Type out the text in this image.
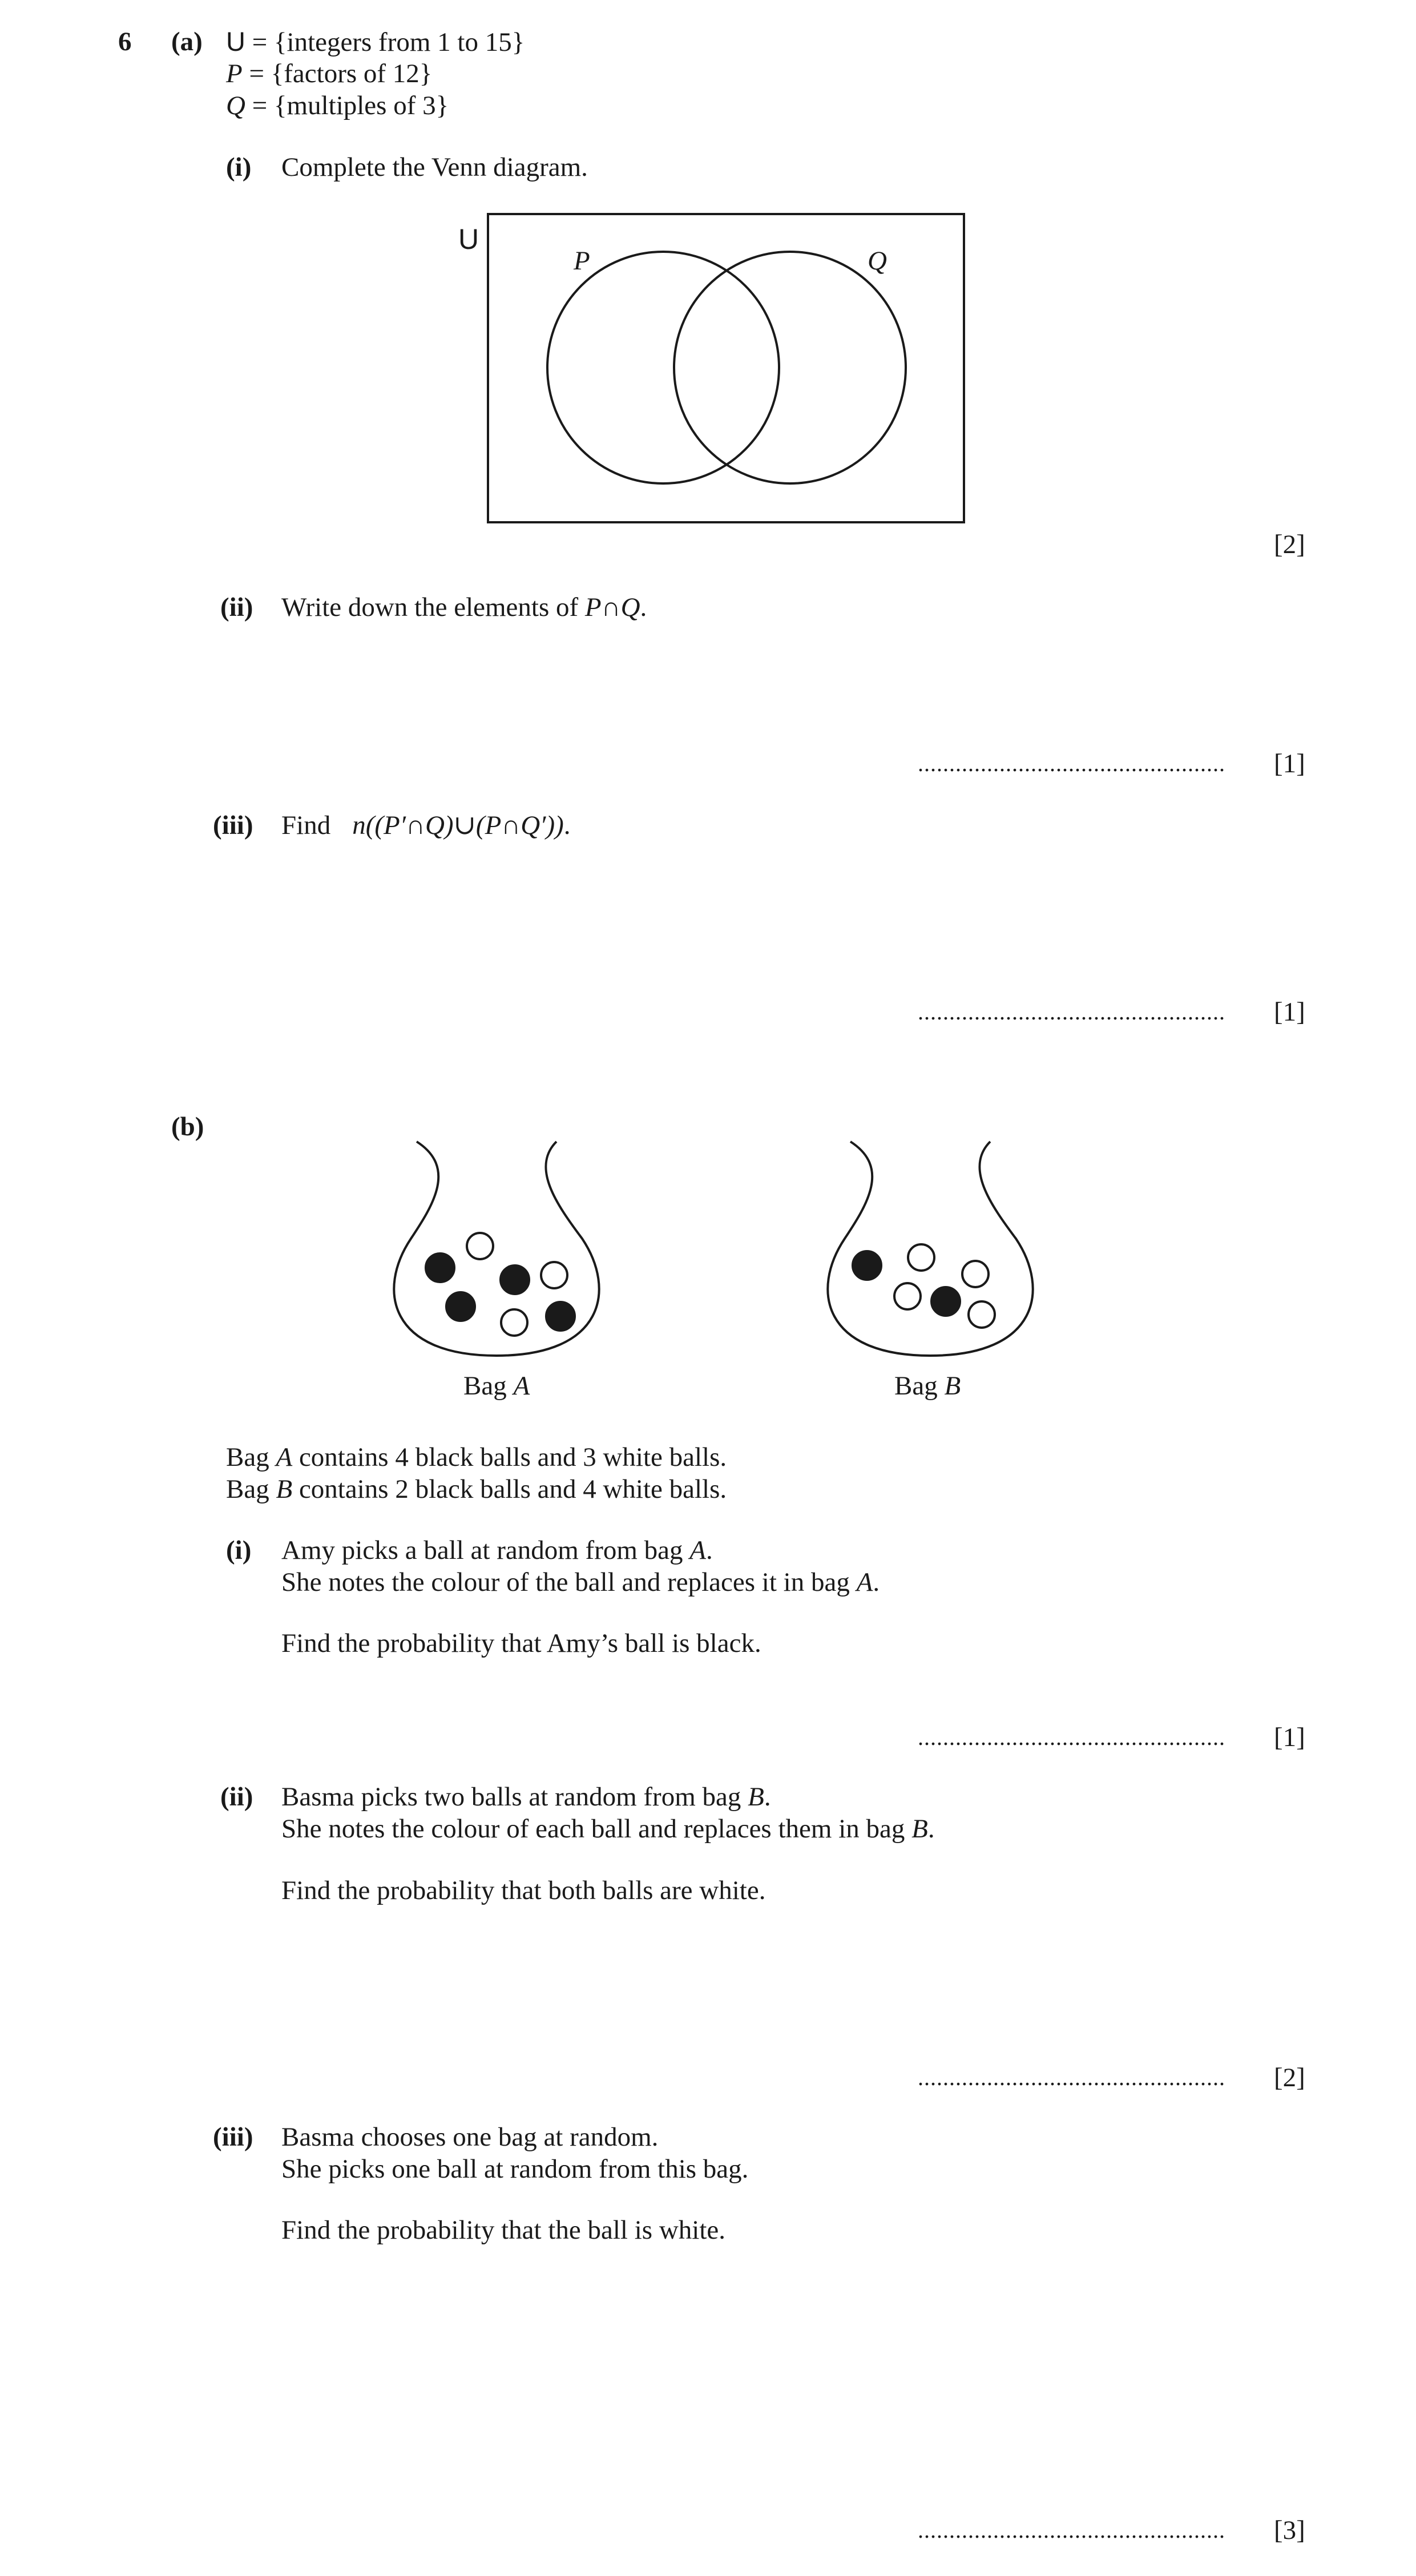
6 (a) U = {integers from 1 to 15}
P = {factors of 12}
Q = {multiples of 3}
(i) Complete the Venn diagram.
U
P	Q
[2]
(ii) Write down the elements of P∩Q.
................................................. [1]
(iii) Find n((P′∩Q)∪(P∩Q′)).
................................................. [1]
(b)
Bag A	Bag B
Bag A contains 4 black balls and 3 white balls.
Bag B contains 2 black balls and 4 white balls.
(i) Amy picks a ball at random from bag A.
She notes the colour of the ball and replaces it in bag A.
Find the probability that Amy’s ball is black.
................................................. [1]
(ii) Basma picks two balls at random from bag B.
She notes the colour of each ball and replaces them in bag B.
Find the probability that both balls are white.
................................................. [2]
(iii) Basma chooses one bag at random.
She picks one ball at random from this bag.
Find the probability that the ball is white.
................................................. [3]
